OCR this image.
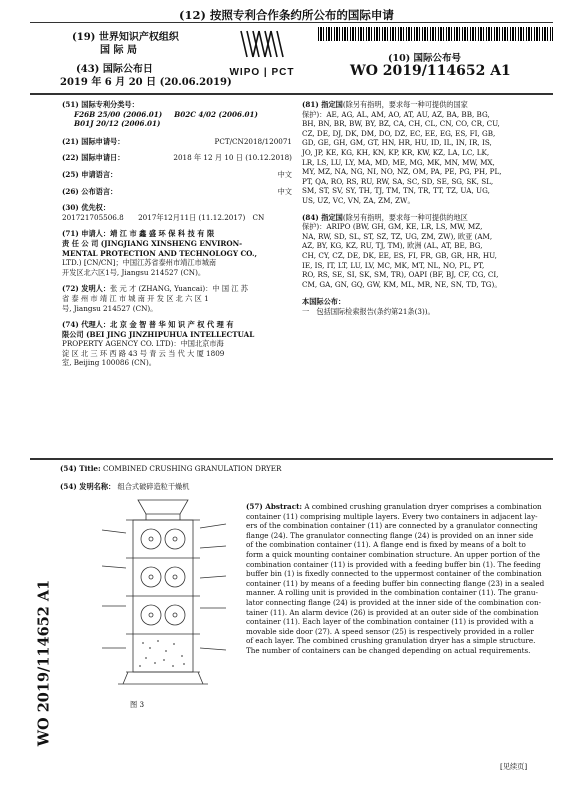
(12) 按照专利合作条约所公布的国际申请
(19) 世界知识产权组织
国 际 局
(43) 国际公布日
2019 年 6 月 20 日 (20.06.2019)
WIPO | PCT
(10) 国际公布号
WO 2019/114652 A1
(51) 国际专利分类号：
F26B 25/00 (2006.01) B02C 4/02 (2006.01)
B01J 20/12 (2006.01)
(21) 国际申请号：	PCT/CN2018/120071
(22) 国际申请日：	2018 年 12 月 10 日 (10.12.2018)
(25) 申请语言：	中文
(26) 公布语言：	中文
(30) 优先权：
201721705506.8　　2017年12月11日 (11.12.2017)　CN
(71) 申请人：靖 江 市 鑫 盛 环 保 科 技 有 限
责 任 公 司 (JINGJIANG XINSHENG ENVIRON-
MENTAL PROTECTION AND TECHNOLOGY CO.,
LTD.) [CN/CN]；中国江苏省泰州市靖江市城南
开发区北六区1号, Jiangsu 214527 (CN)。
(72) 发明人：张 元 才 (ZHANG, Yuancai)：中 国 江 苏
省 泰 州 市 靖 江 市 城 南 开 发 区 北 六 区 1
号, Jiangsu 214527 (CN)。
(74) 代理人：北 京 金 智 普 华 知 识 产 权 代 理 有
限公司 (BEI JING JINZHIPUHUA INTELLECTUAL
PROPERTY AGENCY CO. LTD)：中国北京市海
淀 区 北 三 环 西 路 43 号 青 云 当 代 大 厦 1809
室, Beijing 100086 (CN)。
(81) 指定国(除另有指明，要求每一种可提供的国家
保护)：AE, AG, AL, AM, AO, AT, AU, AZ, BA, BB, BG,
BH, BN, BR, BW, BY, BZ, CA, CH, CL, CN, CO, CR, CU,
CZ, DE, DJ, DK, DM, DO, DZ, EC, EE, EG, ES, FI, GB,
GD, GE, GH, GM, GT, HN, HR, HU, ID, IL, IN, IR, IS,
JO, JP, KE, KG, KH, KN, KP, KR, KW, KZ, LA, LC, LK,
LR, LS, LU, LY, MA, MD, ME, MG, MK, MN, MW, MX,
MY, MZ, NA, NG, NI, NO, NZ, OM, PA, PE, PG, PH, PL,
PT, QA, RO, RS, RU, RW, SA, SC, SD, SE, SG, SK, SL,
SM, ST, SV, SY, TH, TJ, TM, TN, TR, TT, TZ, UA, UG,
US, UZ, VC, VN, ZA, ZM, ZW。
(84) 指定国(除另有指明，要求每一种可提供的地区
保护)：ARIPO (BW, GH, GM, KE, LR, LS, MW, MZ,
NA, RW, SD, SL, ST, SZ, TZ, UG, ZM, ZW), 欧亚 (AM,
AZ, BY, KG, KZ, RU, TJ, TM), 欧洲 (AL, AT, BE, BG,
CH, CY, CZ, DE, DK, EE, ES, FI, FR, GB, GR, HR, HU,
IE, IS, IT, LT, LU, LV, MC, MK, MT, NL, NO, PL, PT,
RO, RS, SE, SI, SK, SM, TR), OAPI (BF, BJ, CF, CG, CI,
CM, GA, GN, GQ, GW, KM, ML, MR, NE, SN, TD, TG)。
本国际公布：
一　包括国际检索报告(条约第21条(3))。
(54) Title: COMBINED CRUSHING GRANULATION DRYER
(54) 发明名称： 组合式破碎造粒干燥机
WO 2019/114652 A1	图 3
(57) Abstract: A combined crushing granulation dryer comprises a combination
container (11) comprising multiple layers. Every two containers in adjacent lay-
ers of the combination container (11) are connected by a granulator connecting
flange (24). The granulator connecting flange (24) is provided on an inner side
of the combination container (11). A flange end is fixed by means of a bolt to
form a quick mounting container combination structure. An upper portion of the
combination container (11) is provided with a feeding buffer bin (1). The feeding
buffer bin (1) is fixedly connected to the uppermost container of the combination
container (11) by means of a feeding buffer bin connecting flange (23) in a sealed
manner. A rolling unit is provided in the combination container (11). The granu-
lator connecting flange (24) is provided at the inner side of the combination con-
tainer (11). An alarm device (26) is provided at an outer side of the combination
container (11). Each layer of the combination container (11) is provided with a
movable side door (27). A speed sensor (25) is respectively provided in a roller
of each layer. The combined crushing granulation dryer has a simple structure.
The number of containers can be changed depending on actual requirements.
[见续页]
